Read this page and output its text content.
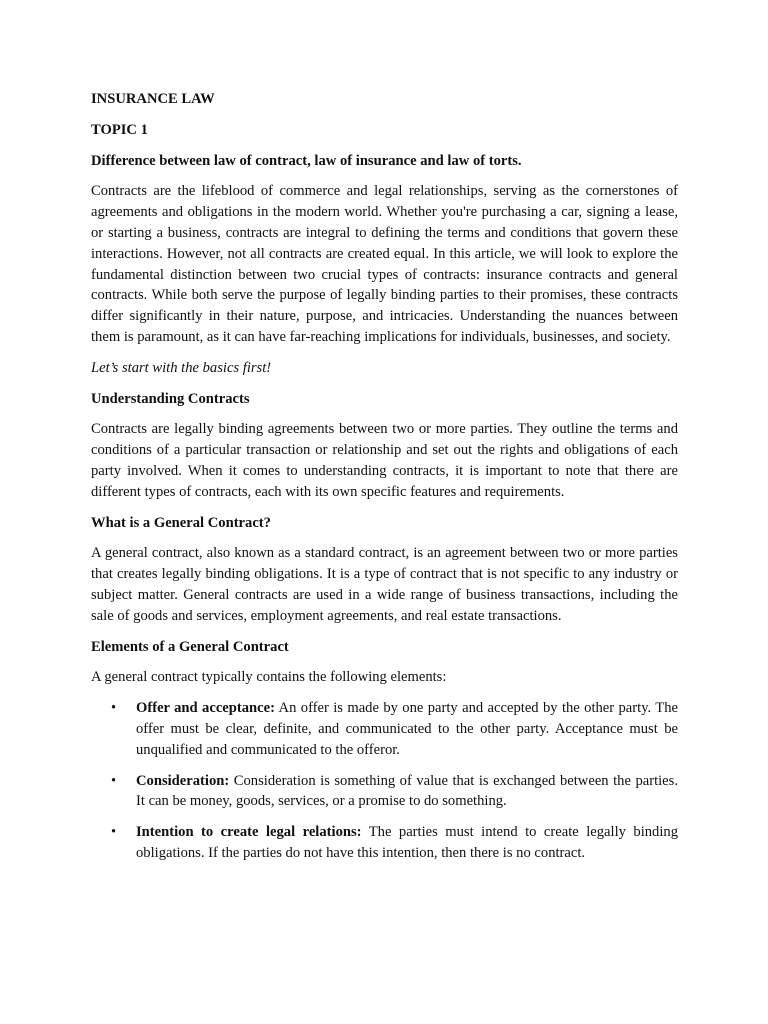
INSURANCE LAW
TOPIC 1
Difference between law of contract, law of insurance and law of torts.

Contracts are the lifeblood of commerce and legal relationships, serving as the cornerstones of agreements and obligations in the modern world. Whether you're purchasing a car, signing a lease, or starting a business, contracts are integral to defining the terms and conditions that govern these interactions. However, not all contracts are created equal. In this article, we will look to explore the fundamental distinction between two crucial types of contracts: insurance contracts and general contracts. While both serve the purpose of legally binding parties to their promises, these contracts differ significantly in their nature, purpose, and intricacies. Understanding the nuances between them is paramount, as it can have far-reaching implications for individuals, businesses, and society.

Let’s start with the basics first!

Understanding Contracts

Contracts are legally binding agreements between two or more parties. They outline the terms and conditions of a particular transaction or relationship and set out the rights and obligations of each party involved. When it comes to understanding contracts, it is important to note that there are different types of contracts, each with its own specific features and requirements.

What is a General Contract?

A general contract, also known as a standard contract, is an agreement between two or more parties that creates legally binding obligations. It is a type of contract that is not specific to any industry or subject matter. General contracts are used in a wide range of business transactions, including the sale of goods and services, employment agreements, and real estate transactions.

Elements of a General Contract

A general contract typically contains the following elements:

• Offer and acceptance: An offer is made by one party and accepted by the other party. The offer must be clear, definite, and communicated to the other party. Acceptance must be unqualified and communicated to the offeror.
• Consideration: Consideration is something of value that is exchanged between the parties. It can be money, goods, services, or a promise to do something.
• Intention to create legal relations: The parties must intend to create legally binding obligations. If the parties do not have this intention, then there is no contract.
